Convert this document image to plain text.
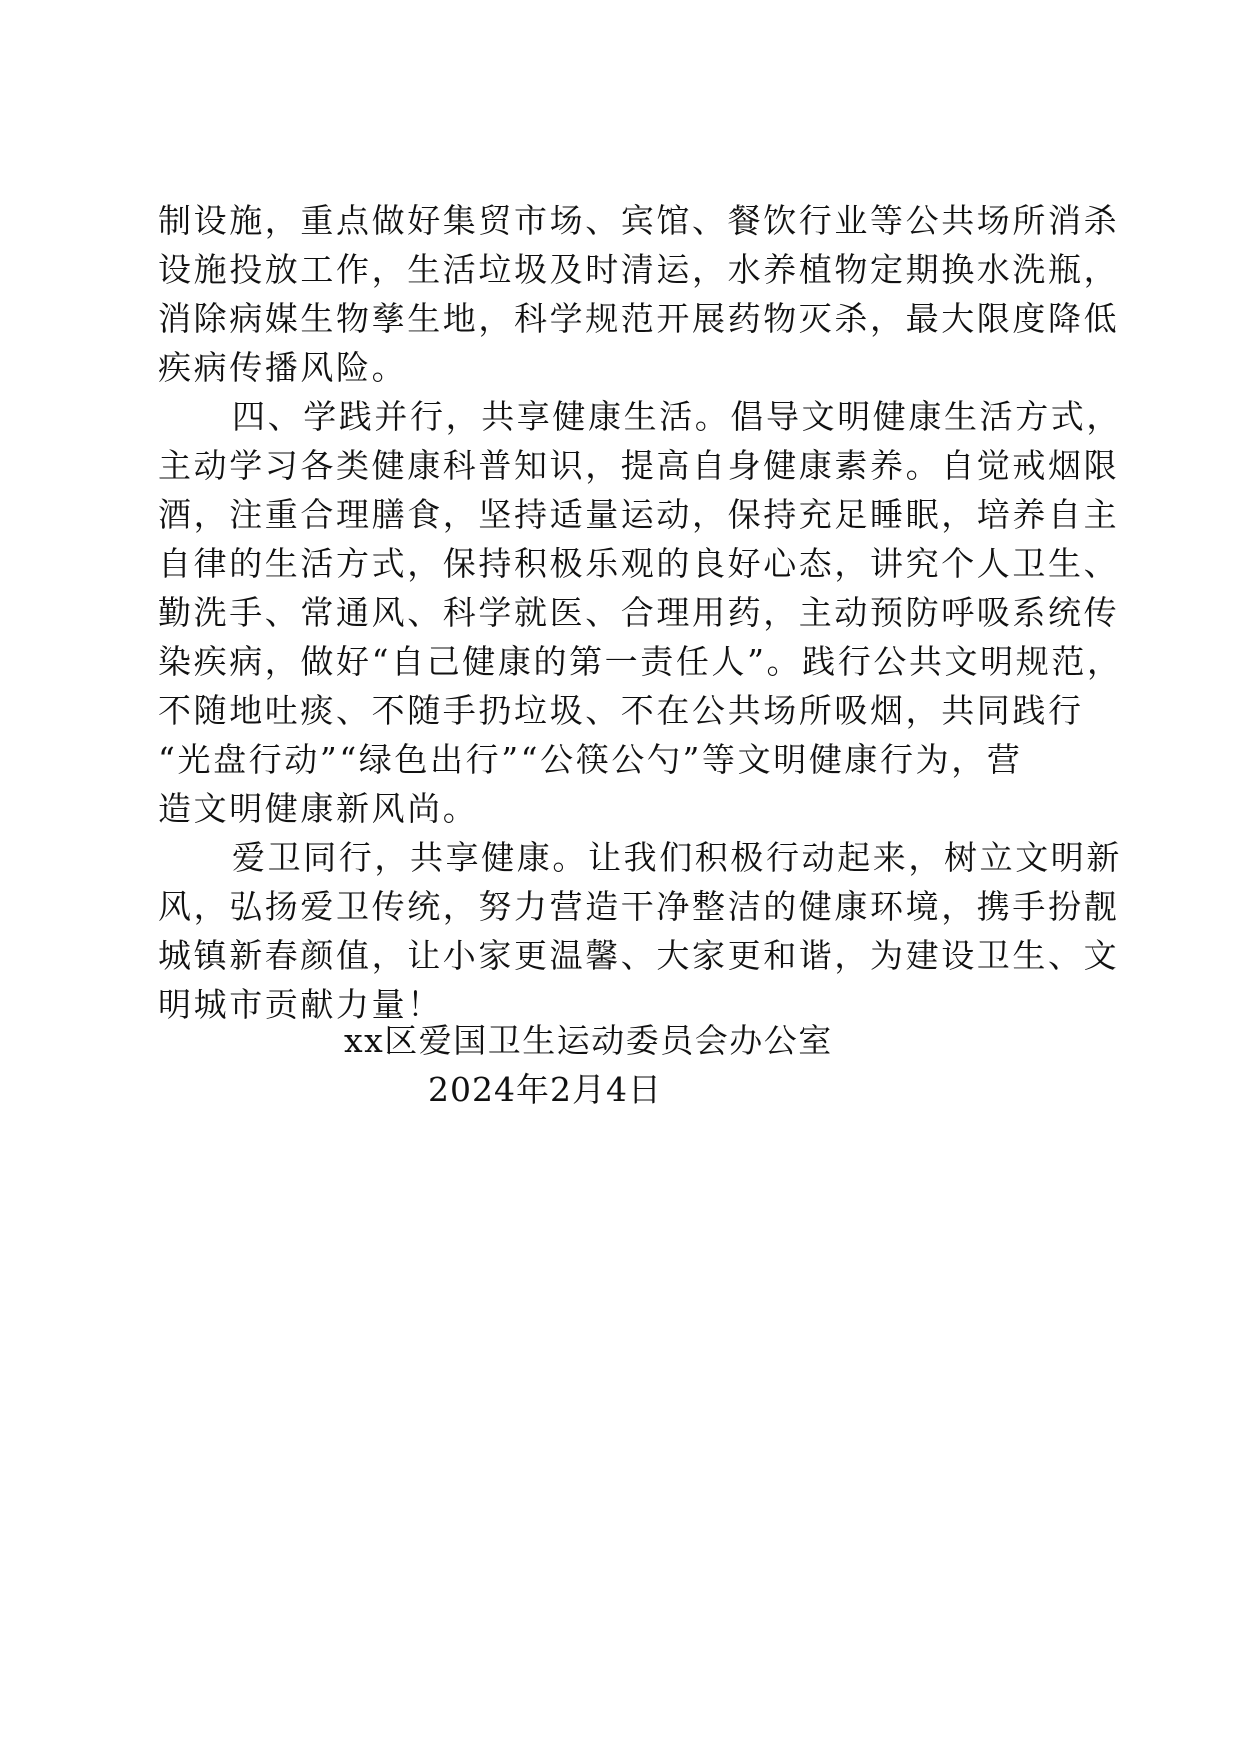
制设施，重点做好集贸市场、宾馆、餐饮行业等公共场所消杀
设施投放工作，生活垃圾及时清运，水养植物定期换水洗瓶，
消除病媒生物孳生地，科学规范开展药物灭杀，最大限度降低
疾病传播风险。
四、学践并行，共享健康生活。倡导文明健康生活方式，
主动学习各类健康科普知识，提高自身健康素养。自觉戒烟限
酒，注重合理膳食，坚持适量运动，保持充足睡眠，培养自主
自律的生活方式，保持积极乐观的良好心态，讲究个人卫生、
勤洗手、常通风、科学就医、合理用药，主动预防呼吸系统传
染疾病，做好“自己健康的第一责任人”。践行公共文明规范，
不随地吐痰、不随手扔垃圾、不在公共场所吸烟，共同践行
“光盘行动”“绿色出行”“公筷公勺”等文明健康行为，营
造文明健康新风尚。
爱卫同行，共享健康。让我们积极行动起来，树立文明新
风，弘扬爱卫传统，努力营造干净整洁的健康环境，携手扮靓
城镇新春颜值，让小家更温馨、大家更和谐，为建设卫生、文
明城市贡献力量！
xx区爱国卫生运动委员会办公室
2024年2月4日
